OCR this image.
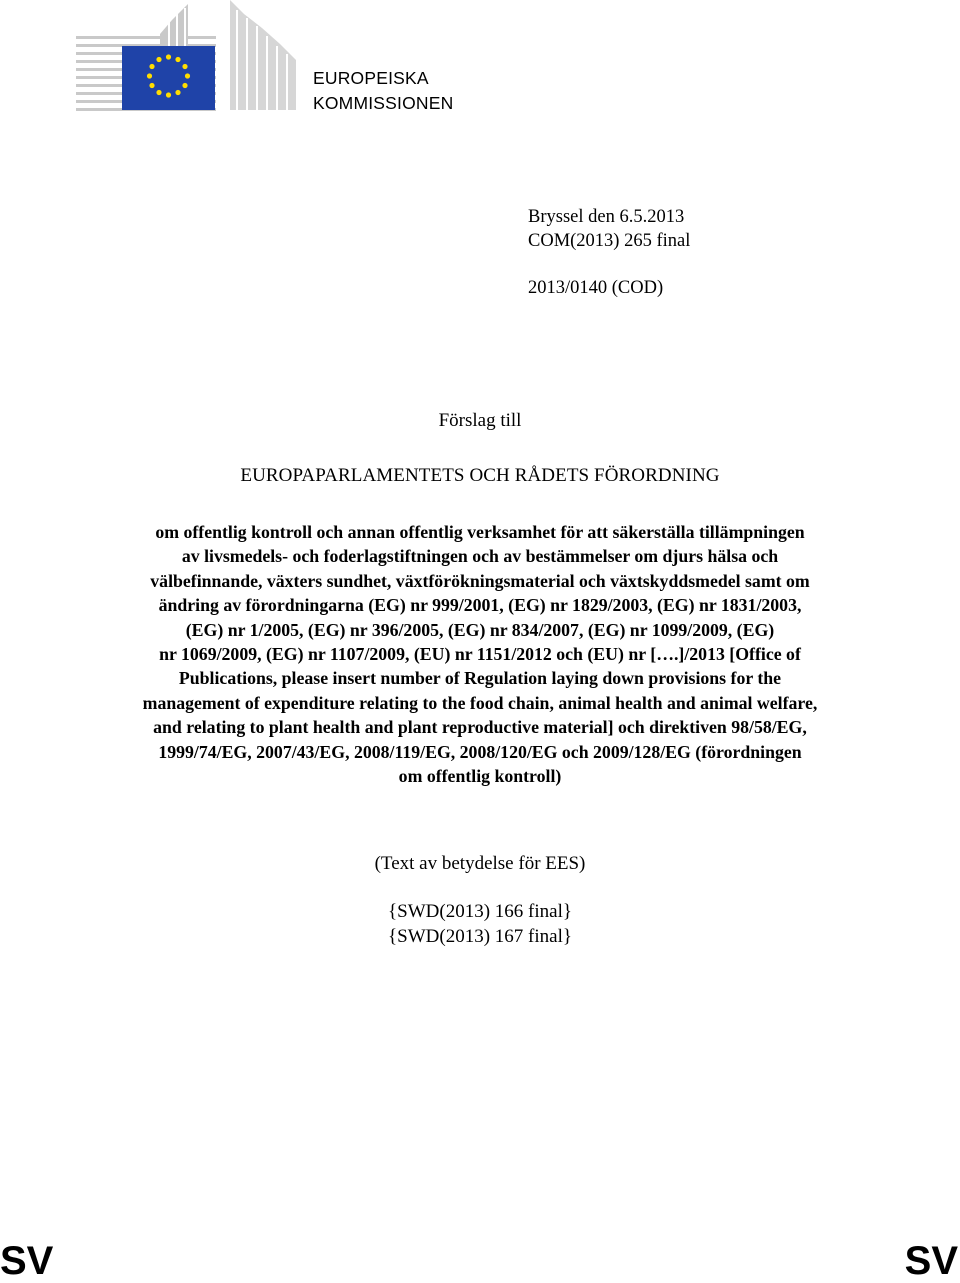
EUROPEISKA
KOMMISSIONEN
Bryssel den 6.5.2013
COM(2013) 265 final
2013/0140 (COD)
Förslag till
EUROPAPARLAMENTETS OCH RÅDETS FÖRORDNING
om offentlig kontroll och annan offentlig verksamhet för att säkerställa tillämpningen
av livsmedels- och foderlagstiftningen och av bestämmelser om djurs hälsa och
välbefinnande, växters sundhet, växtförökningsmaterial och växtskyddsmedel samt om
ändring av förordningarna (EG) nr 999/2001, (EG) nr 1829/2003, (EG) nr 1831/2003,
(EG) nr 1/2005, (EG) nr 396/2005, (EG) nr 834/2007, (EG) nr 1099/2009, (EG)
nr 1069/2009, (EG) nr 1107/2009, (EU) nr 1151/2012 och (EU) nr [….]/2013 [Office of
Publications, please insert number of Regulation laying down provisions for the
management of expenditure relating to the food chain, animal health and animal welfare,
and relating to plant health and plant reproductive material] och direktiven 98/58/EG,
1999/74/EG, 2007/43/EG, 2008/119/EG, 2008/120/EG och 2009/128/EG (förordningen
om offentlig kontroll)
(Text av betydelse för EES)
{SWD(2013) 166 final}
{SWD(2013) 167 final}
SV	SV
